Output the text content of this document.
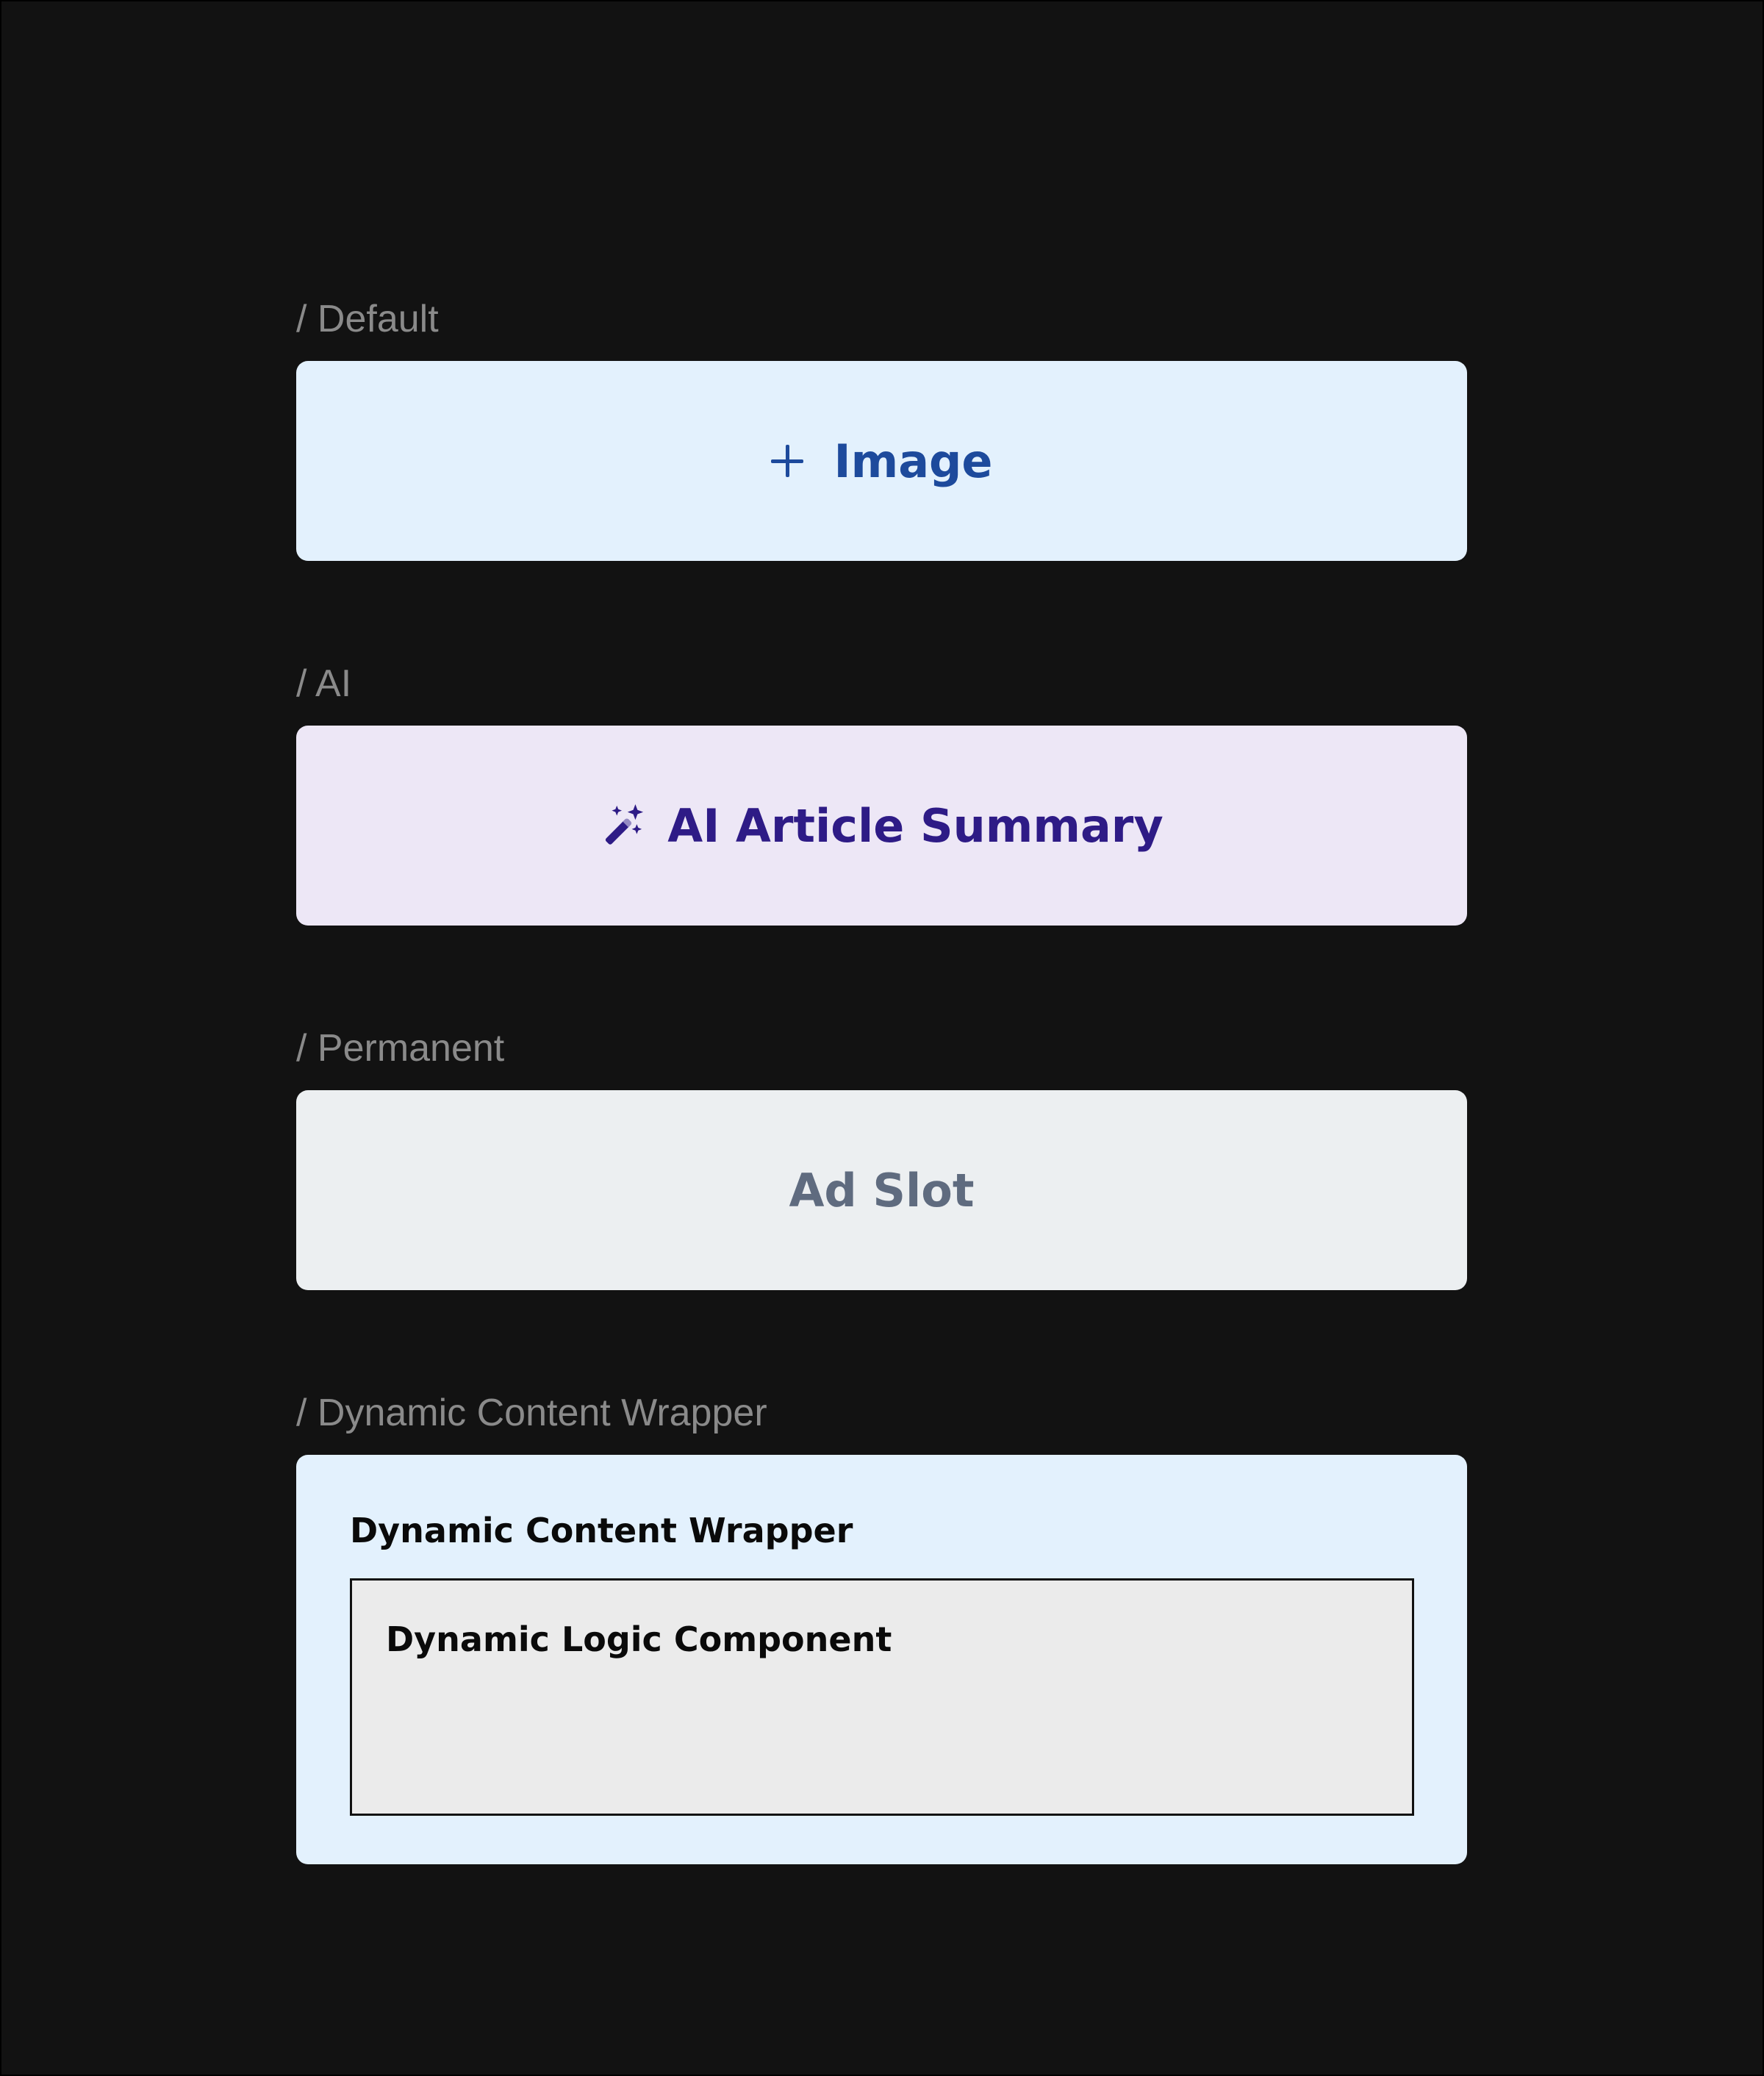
/ Default
Image
/ AI
AI Article Summary
/ Permanent
Ad Slot
/ Dynamic Content Wrapper
Dynamic Content Wrapper
Dynamic Logic Component
